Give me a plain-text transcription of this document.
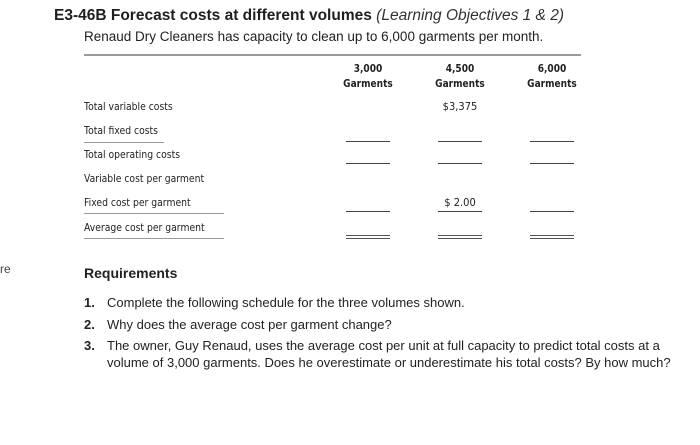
E3-46B Forecast costs at different volumes (Learning Objectives 1 & 2)
Renaud Dry Cleaners has capacity to clean up to 6,000 garments per month.
re
3,000
Garments
4,500
Garments
6,000
Garments
Total variable costs
Total fixed costs
Total operating costs
Variable cost per garment
Fixed cost per garment
Average cost per garment
$3,375
$ 2.00
Requirements
1. Complete the following schedule for the three volumes shown.
2. Why does the average cost per garment change?
3. The owner, Guy Renaud, uses the average cost per unit at full capacity to predict total costs at a volume of 3,000 garments. Does he overestimate or underestimate his total costs? By how much?
